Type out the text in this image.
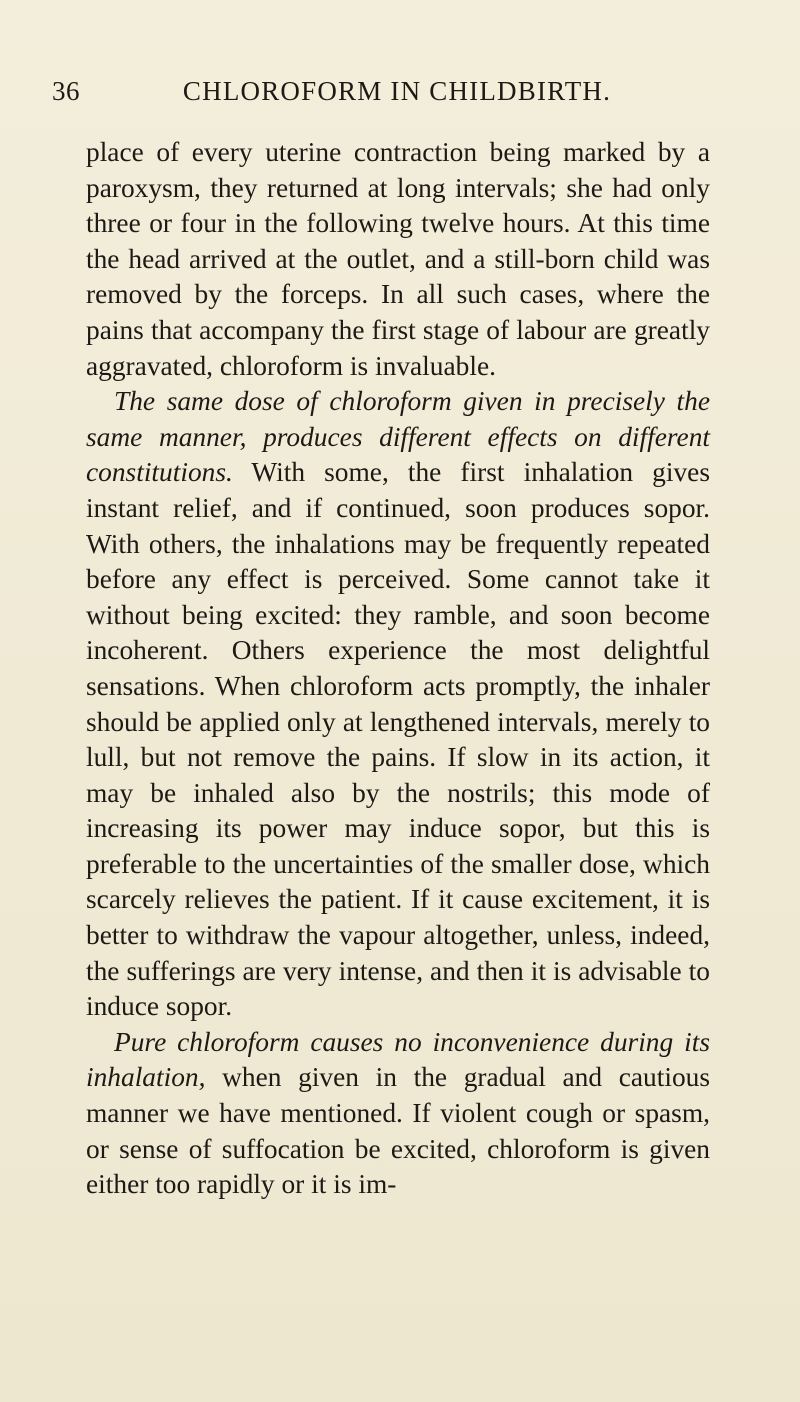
36	CHLOROFORM IN CHILDBIRTH.

place of every uterine contraction being marked by a paroxysm, they returned at long intervals; she had only three or four in the following twelve hours. At this time the head arrived at the outlet, and a still-born child was removed by the forceps. In all such cases, where the pains that accompany the first stage of labour are greatly aggravated, chloroform is invaluable.

The same dose of chloroform given in precisely the same manner, produces different effects on different constitutions. With some, the first inhalation gives instant relief, and if continued, soon produces sopor. With others, the inhalations may be frequently repeated before any effect is perceived. Some cannot take it without being excited: they ramble, and soon become incoherent. Others experience the most delightful sensations. When chloroform acts promptly, the inhaler should be applied only at lengthened intervals, merely to lull, but not remove the pains. If slow in its action, it may be inhaled also by the nostrils; this mode of increasing its power may induce sopor, but this is preferable to the uncertainties of the smaller dose, which scarcely relieves the patient. If it cause excitement, it is better to withdraw the vapour altogether, unless, indeed, the sufferings are very intense, and then it is advisable to induce sopor.

Pure chloroform causes no inconvenience during its inhalation, when given in the gradual and cautious manner we have mentioned. If violent cough or spasm, or sense of suffocation be excited, chloroform is given either too rapidly or it is im-
